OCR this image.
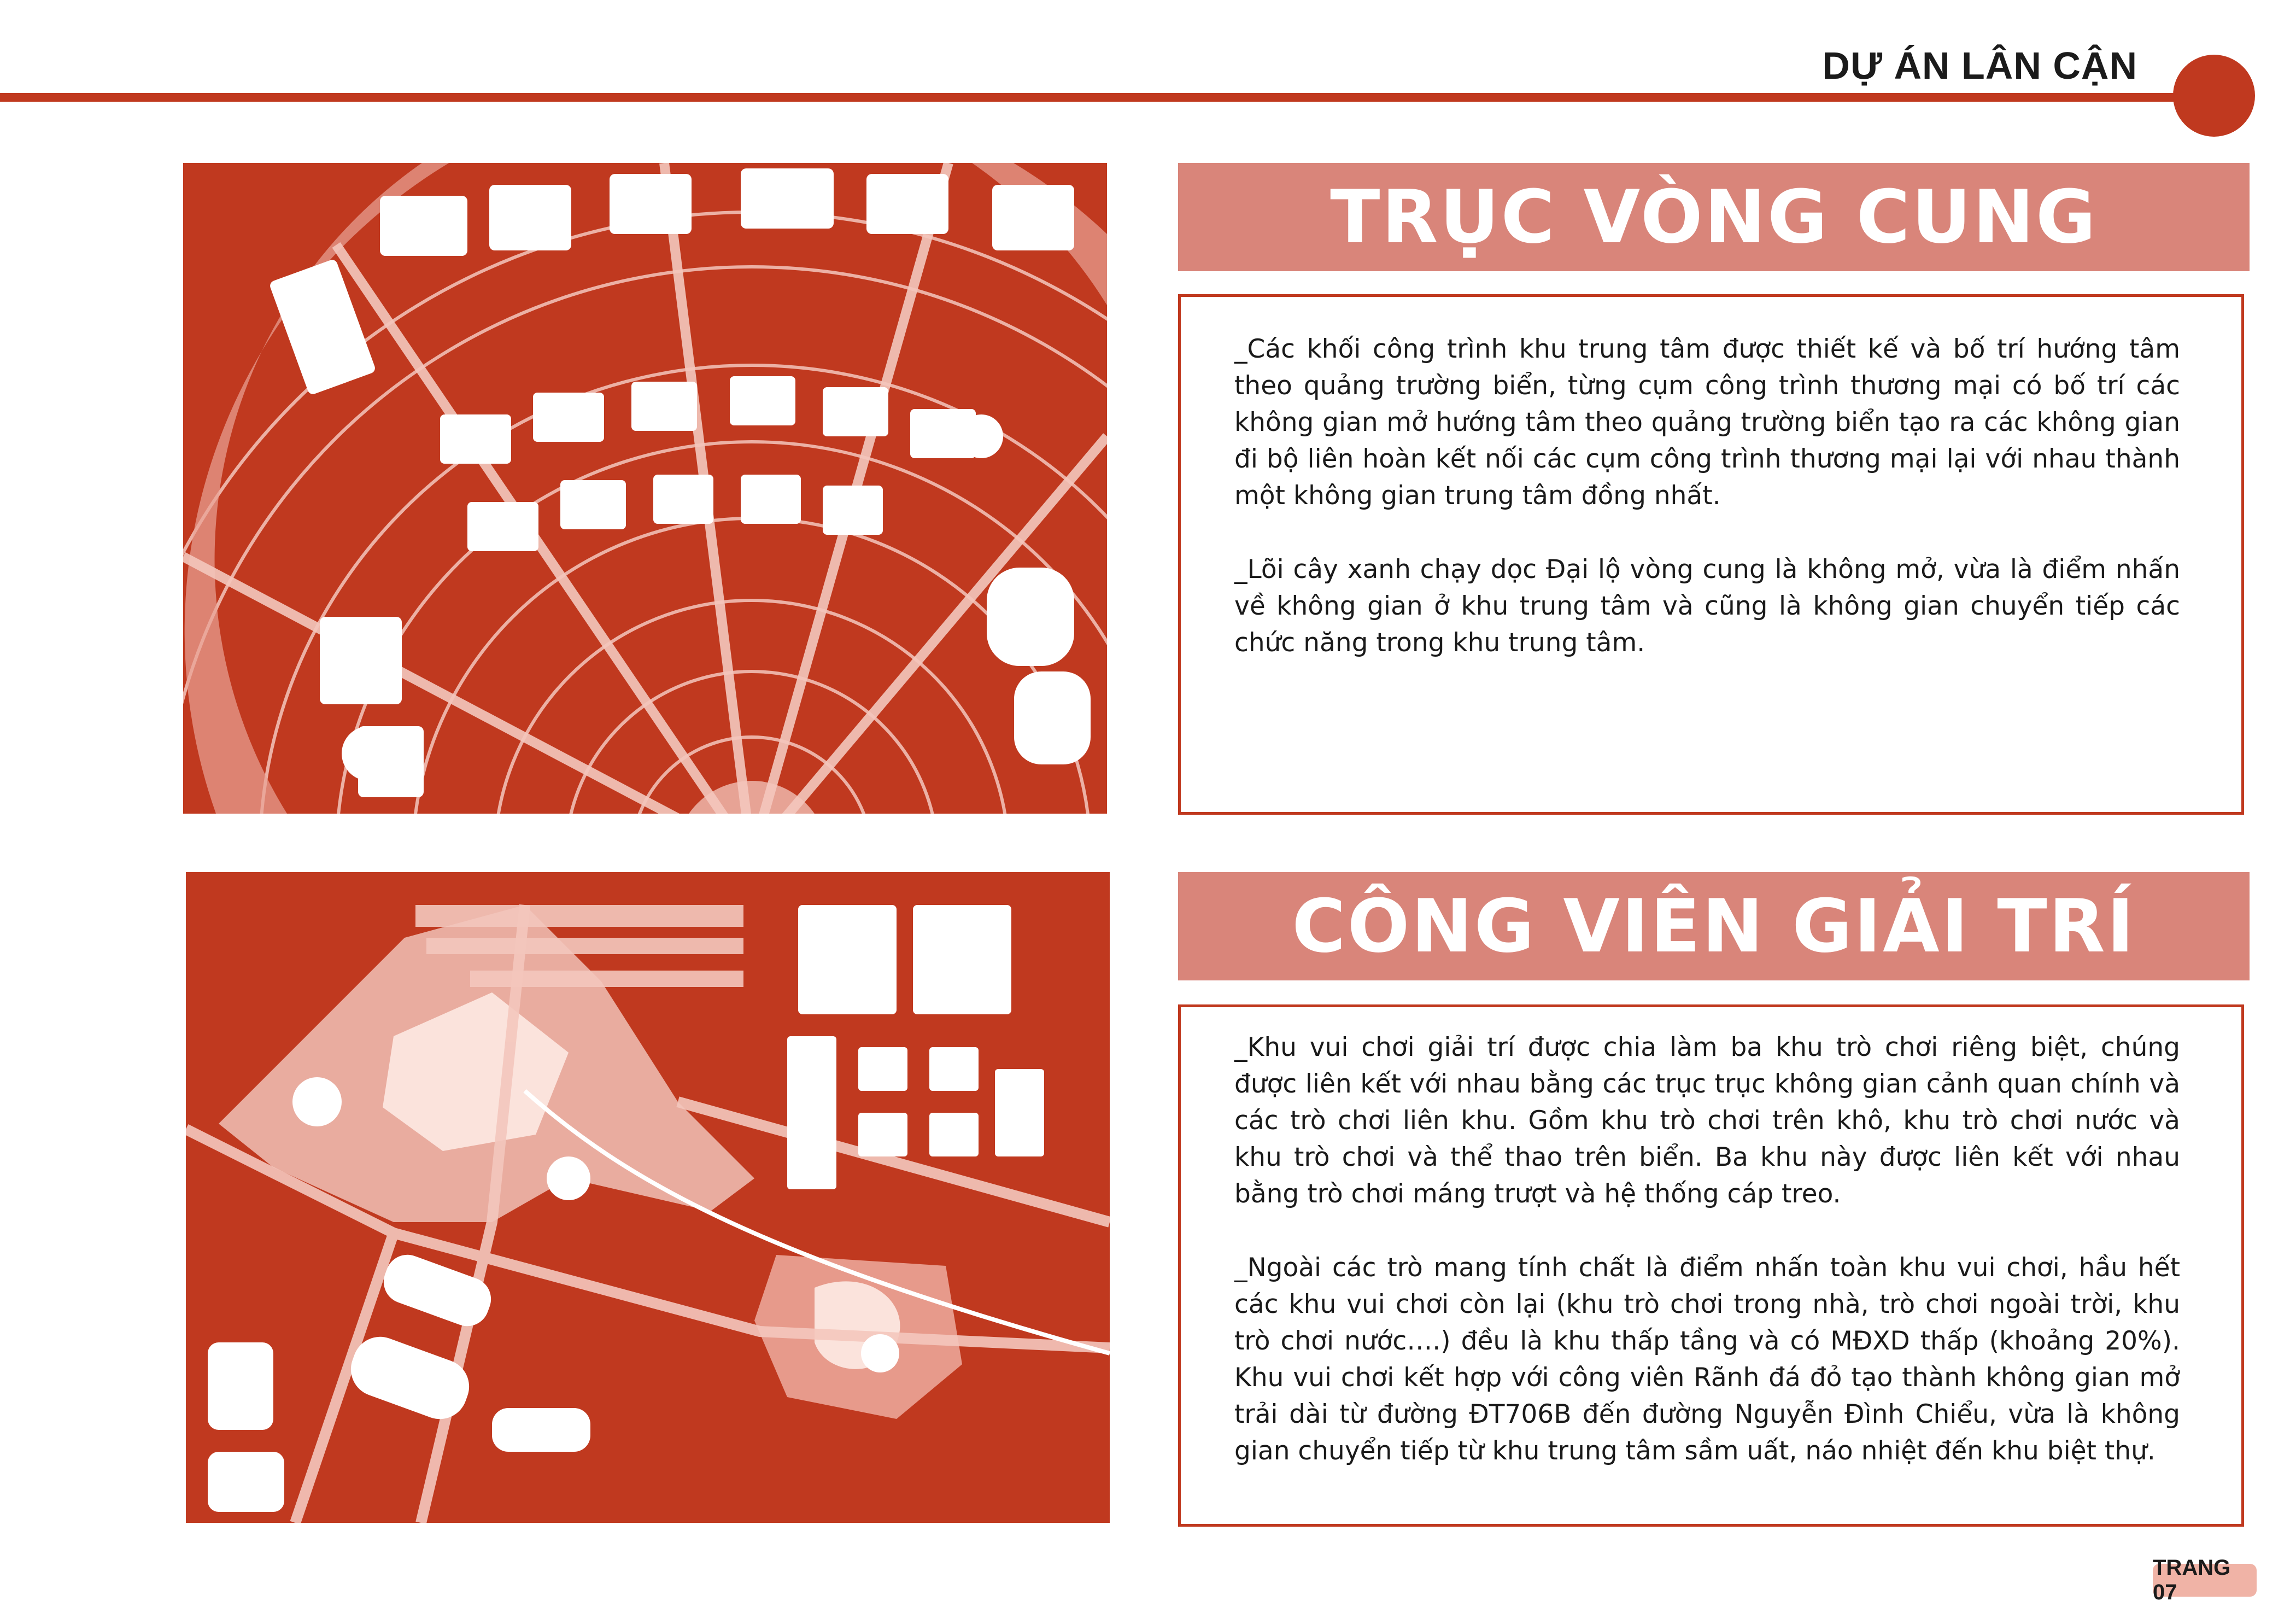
DỰ ÁN LÂN CẬN
TRỤC VÒNG CUNG

_Các khối công trình khu trung tâm được thiết kế và bố trí hướng tâm theo quảng trường biển, từng cụm công trình thương mại có bố trí các không gian mở hướng tâm theo quảng trường biển tạo ra các không gian đi bộ liên hoàn kết nối các cụm công trình thương mại lại với nhau thành một không gian trung tâm đồng nhất.

_Lõi cây xanh chạy dọc Đại lộ vòng cung là không mở, vừa là điểm nhấn về không gian ở khu trung tâm và cũng là không gian chuyển tiếp các chức năng trong khu trung tâm.

CÔNG VIÊN GIẢI TRÍ

_Khu vui chơi giải trí được chia làm ba khu trò chơi riêng biệt, chúng được liên kết với nhau bằng các trục trục không gian cảnh quan chính và các trò chơi liên khu. Gồm khu trò chơi trên khô, khu trò chơi nước và khu trò chơi và thể thao trên biển. Ba khu này được liên kết với nhau bằng trò chơi máng trượt và hệ thống cáp treo.

_Ngoài các trò mang tính chất là điểm nhấn toàn khu vui chơi, hầu hết các khu vui chơi còn lại (khu trò chơi trong nhà, trò chơi ngoài trời, khu trò chơi nước….) đều là khu thấp tầng và có MĐXD thấp (khoảng 20%). Khu vui chơi kết hợp với công viên Rãnh đá đỏ tạo thành không gian mở trải dài từ đường ĐT706B đến đường Nguyễn Đình Chiểu, vừa là không gian chuyển tiếp từ khu trung tâm sầm uất, náo nhiệt đến khu biệt thự.

TRANG 07
